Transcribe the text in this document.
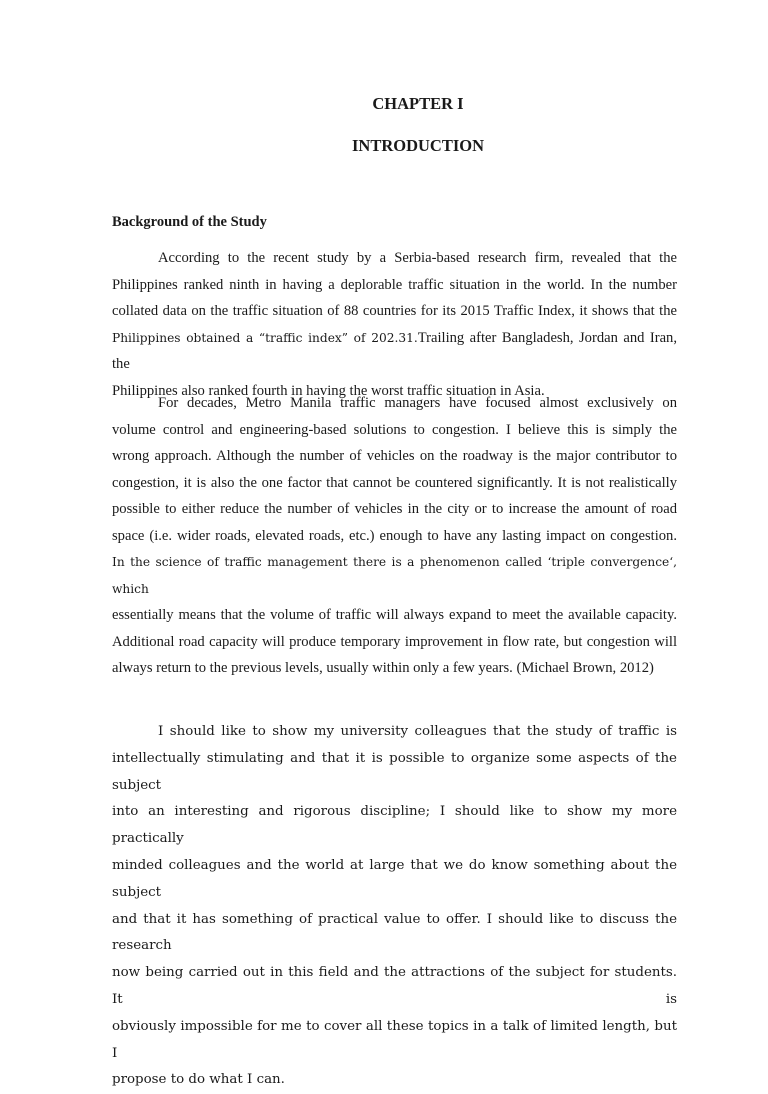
CHAPTER I
INTRODUCTION
Background of the Study
According to the recent study by a Serbia-based research firm, revealed that the
Philippines ranked ninth in having a deplorable traffic situation in the world. In the number
collated data on the traffic situation of 88 countries for its 2015 Traffic Index, it shows that the
Philippines obtained a “traffic index” of 202.31.Trailing after Bangladesh, Jordan and Iran, the
Philippines also ranked fourth in having the worst traffic situation in Asia.
For decades, Metro Manila traffic managers have focused almost exclusively on
volume control and engineering-based solutions to congestion. I believe this is simply the
wrong approach. Although the number of vehicles on the roadway is the major contributor to
congestion, it is also the one factor that cannot be countered significantly. It is not realistically
possible to either reduce the number of vehicles in the city or to increase the amount of road
space (i.e. wider roads, elevated roads, etc.) enough to have any lasting impact on congestion.
In the science of traffic management there is a phenomenon called ‘triple convergence‘, which
essentially means that the volume of traffic will always expand to meet the available capacity.
Additional road capacity will produce temporary improvement in flow rate, but congestion will
always return to the previous levels, usually within only a few years. (Michael Brown, 2012)
I should like to show my university colleagues that the study of traffic is
intellectually stimulating and that it is possible to organize some aspects of the subject
into an interesting and rigorous discipline; I should like to show my more practically
minded colleagues and the world at large that we do know something about the subject
and that it has something of practical value to offer. I should like to discuss the research
now being carried out in this field and the attractions of the subject for students. It is
obviously impossible for me to cover all these topics in a talk of limited length, but I
propose to do what I can.
